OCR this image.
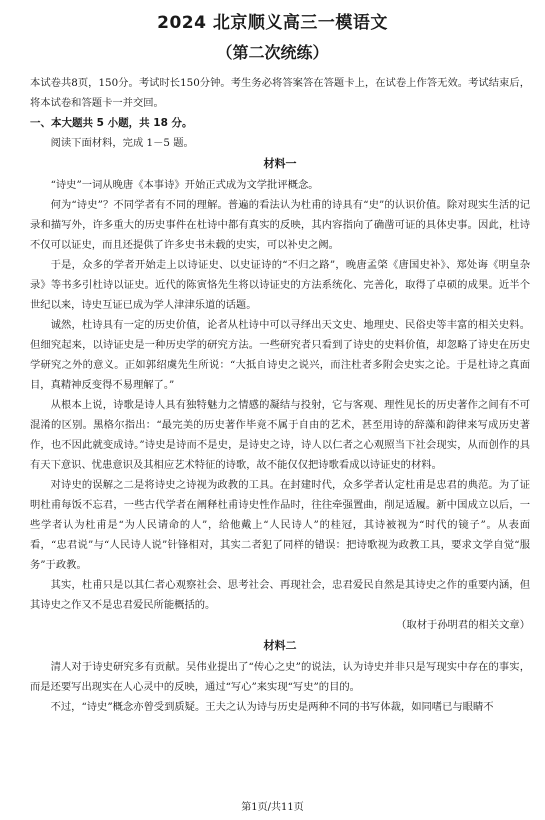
2024 北京顺义高三一模语文
（第二次统练）

本试卷共8页，150分。考试时长150分钟。考生务必将答案答在答题卡上，在试卷上作答无效。考试结束后，将本试卷和答题卡一并交回。

一、本大题共 5 小题，共 18 分。

阅读下面材料，完成 1－5 题。

材料一

“诗史”一词从晚唐《本事诗》开始正式成为文学批评概念。

何为“诗史”？不同学者有不同的理解。普遍的看法认为杜甫的诗具有“史”的认识价值。除对现实生活的记录和描写外，许多重大的历史事件在杜诗中都有真实的反映，其内容指向了确凿可证的具体史事。因此，杜诗不仅可以证史，而且还提供了许多史书未载的史实，可以补史之阙。

于是，众多的学者开始走上以诗证史、以史证诗的“不归之路”，晚唐孟棨《唐国史补》、郑处诲《明皇杂录》等书多引杜诗以证史。近代的陈寅恪先生将以诗证史的方法系统化、完善化，取得了卓硕的成果。近半个世纪以来，诗史互证已成为学人津津乐道的话题。

诚然，杜诗具有一定的历史价值，论者从杜诗中可以寻绎出天文史、地理史、民俗史等丰富的相关史料。但细究起来，以诗证史是一种历史学的研究方法。一些研究者只看到了诗史的史料价值，却忽略了诗史在历史学研究之外的意义。正如郭绍虞先生所说：“大抵自诗史之说兴，而注杜者多附会史实之论。于是杜诗之真面目，真精神反变得不易理解了。”

从根本上说，诗歌是诗人具有独特魅力之情感的凝结与投射，它与客观、理性见长的历史著作之间有不可混淆的区别。黑格尔指出：“最完美的历史著作毕竟不属于自由的艺术，甚至用诗的辞藻和韵律来写成历史著作，也不因此就变成诗。”诗史是诗而不是史，是诗史之诗，诗人以仁者之心观照当下社会现实，从而创作的具有天下意识、忧患意识及其相应艺术特征的诗歌，故不能仅仅把诗歌看成以诗证史的材料。

对诗史的误解之二是将诗史之诗视为政教的工具。在封建时代，众多学者认定杜甫是忠君的典范。为了证明杜甫每饭不忘君，一些古代学者在阐释杜甫诗史性作品时，往往牵强置曲，削足适履。新中国成立以后，一些学者认为杜甫是“为人民请命的人”，给他戴上“人民诗人”的桂冠，其诗被视为“时代的镜子”。从表面看，“忠君说”与“人民诗人说”针锋相对，其实二者犯了同样的错误：把诗歌视为政教工具，要求文学自觉“服务”于政教。

其实，杜甫只是以其仁者心观察社会、思考社会、再现社会，忠君爱民自然是其诗史之作的重要内涵，但其诗史之作又不是忠君爱民所能概括的。

（取材于孙明君的相关文章）

材料二

清人对于诗史研究多有贡献。吴伟业提出了“传心之史”的说法，认为诗史并非只是写现实中存在的事实，而是还要写出现实在人心灵中的反映，通过“写心”来实现“写史”的目的。

不过，“诗史”概念亦曾受到质疑。王夫之认为诗与历史是两种不同的书写体裁，如同嗜已与眼睛不

第1页/共11页
